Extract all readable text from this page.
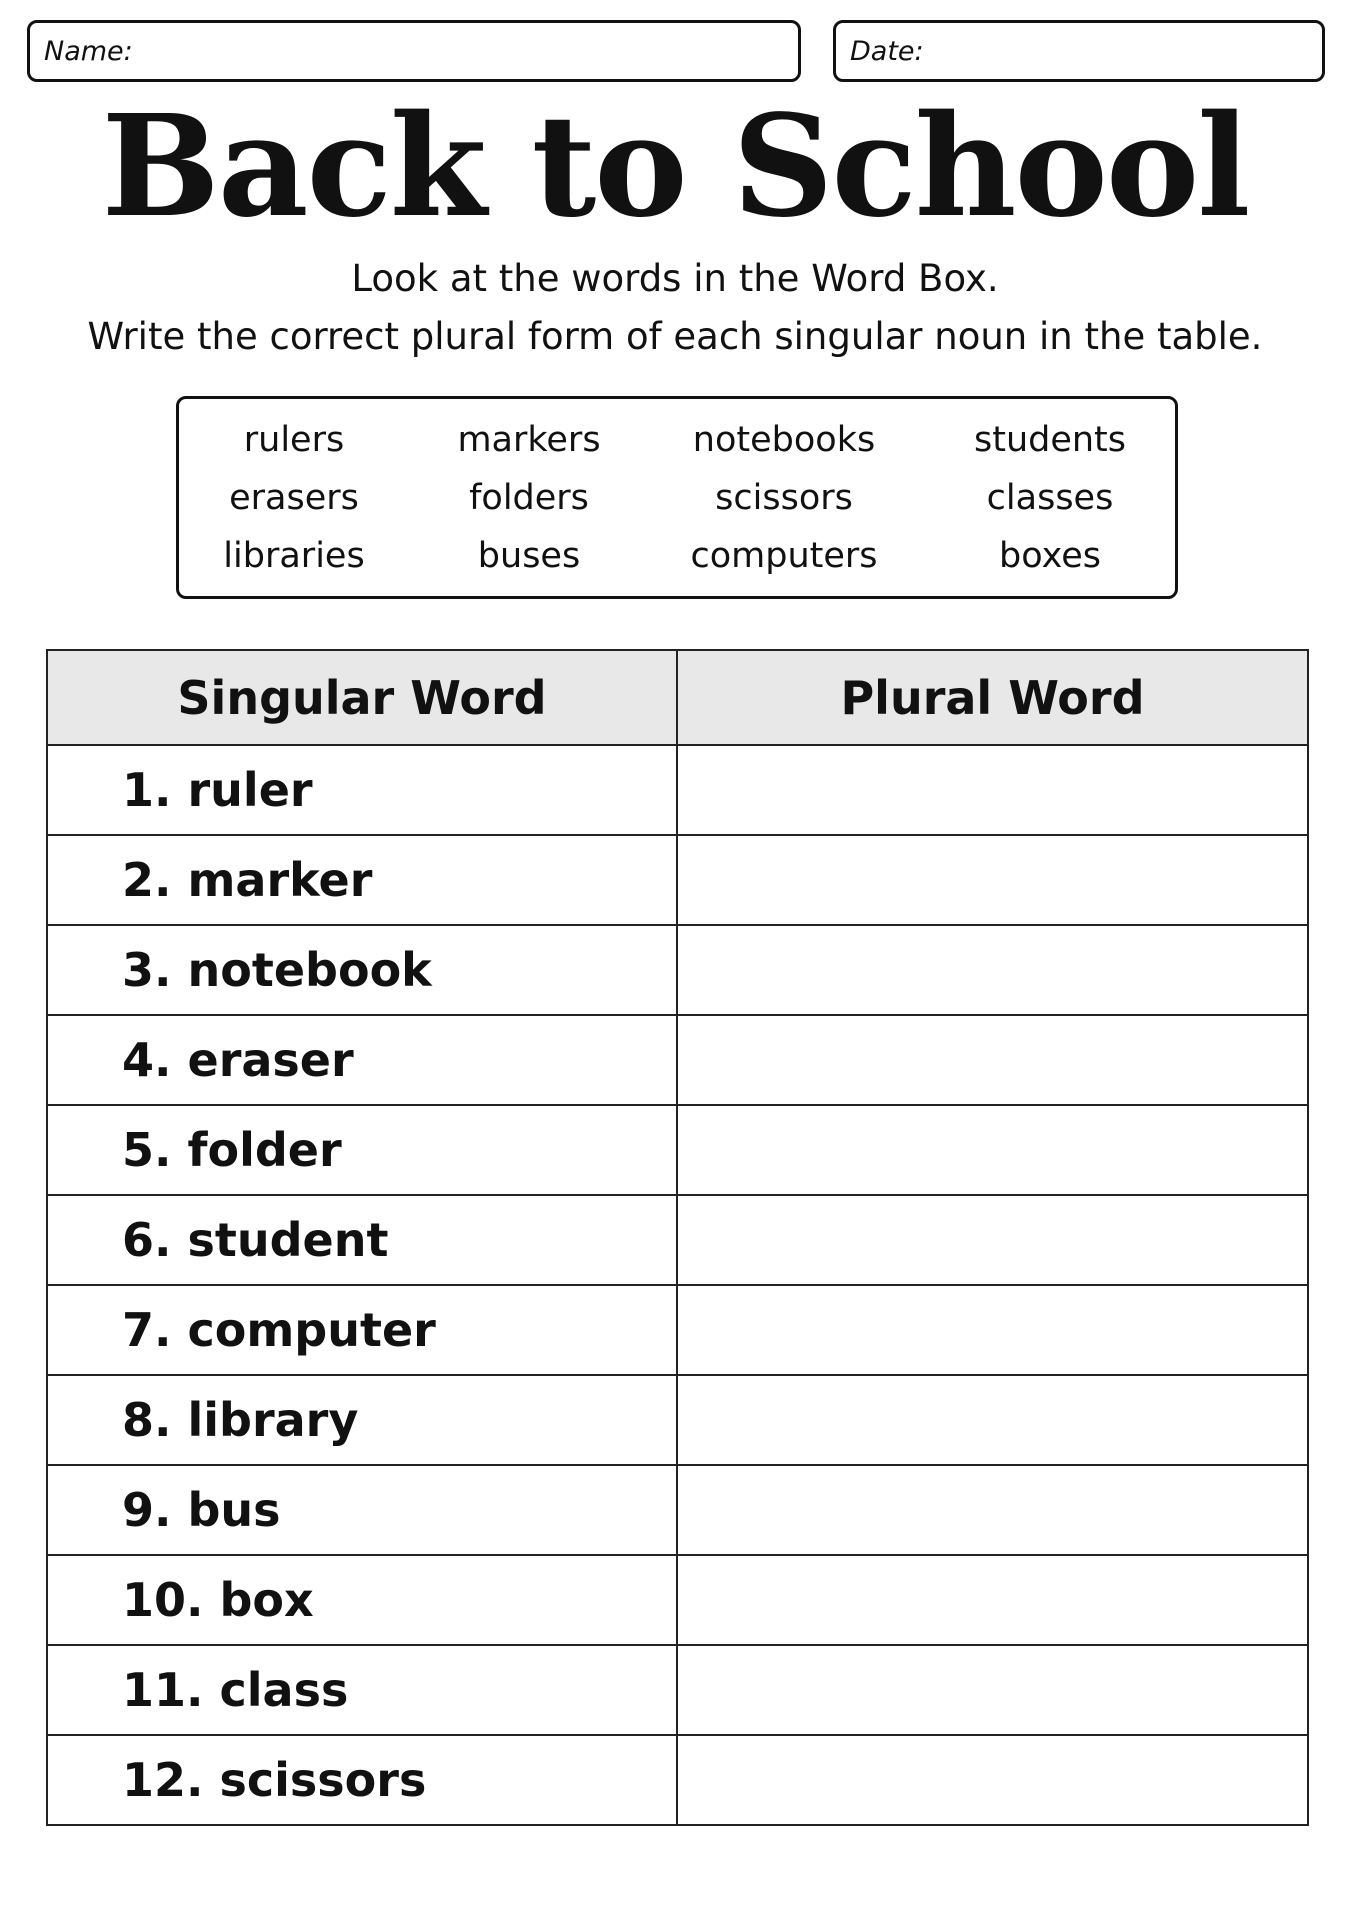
Name:	Date:
Back to School
Look at the words in the Word Box.
Write the correct plural form of each singular noun in the table.
rulers
erasers
libraries
markers
folders
buses
notebooks
scissors
computers
students
classes
boxes
Singular Word	Plural Word
1. ruler	
2. marker	
3. notebook	
4. eraser	
5. folder	
6. student	
7. computer	
8. library	
9. bus	
10. box	
11. class	
12. scissors	
